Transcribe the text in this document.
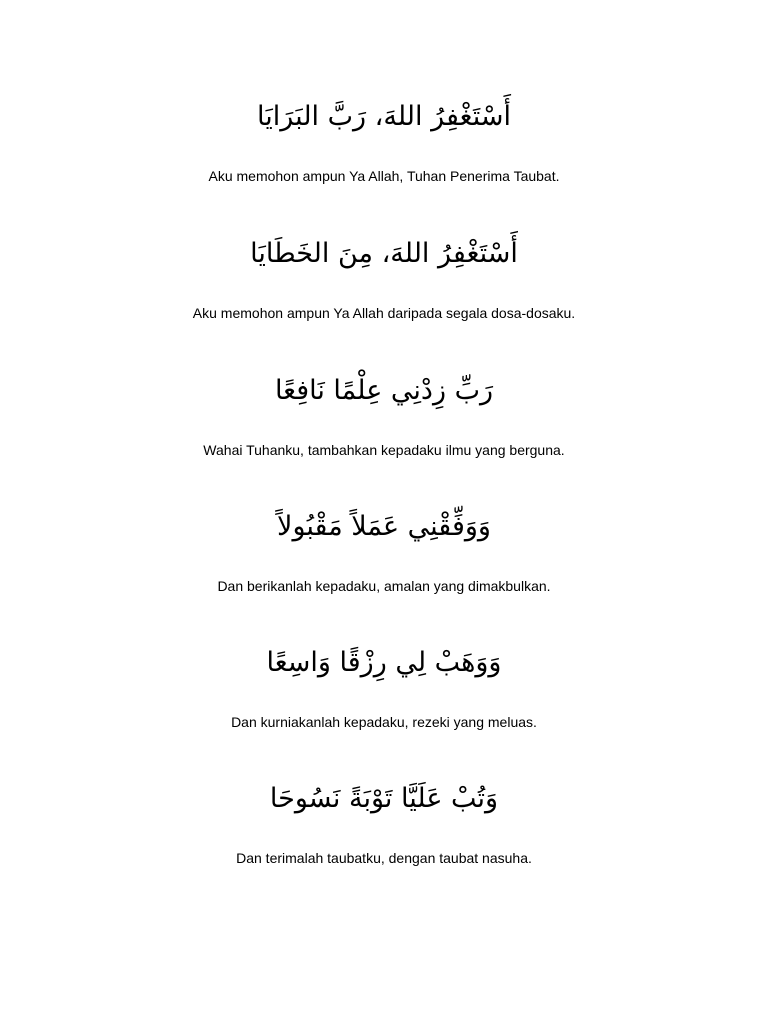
أَسْتَغْفِرُ اللهَ، رَبَّ البَرَايَا
Aku memohon ampun Ya Allah, Tuhan Penerima Taubat.
أَسْتَغْفِرُ اللهَ، مِنَ الخَطَايَا
Aku memohon ampun Ya Allah daripada segala dosa-dosaku.
رَبِّ زِدْنِي عِلْمًا نَافِعًا
Wahai Tuhanku, tambahkan kepadaku ilmu yang berguna.
وَوَفِّقْنِي عَمَلاً مَقْبُولاً
Dan berikanlah kepadaku, amalan yang dimakbulkan.
وَوَهَبْ لِي رِزْقًا وَاسِعًا
Dan kurniakanlah kepadaku, rezeki yang meluas.
وَتُبْ عَلَيَّا تَوْبَةً نَسُوحَا
Dan terimalah taubatku, dengan taubat nasuha.
